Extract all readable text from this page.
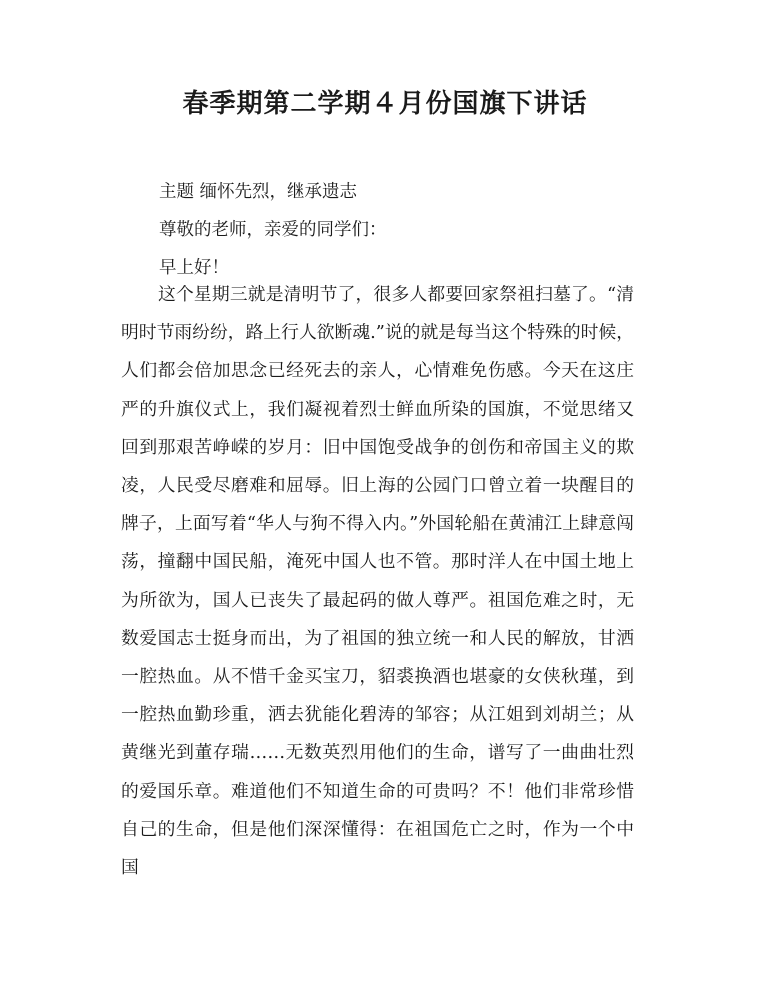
春季期第二学期４月份国旗下讲话
主题 缅怀先烈，继承遗志
尊敬的老师，亲爱的同学们：
早上好！

这个星期三就是清明节了，很多人都要回家祭祖扫墓了。“清明时节雨纷纷，路上行人欲断魂.”说的就是每当这个特殊的时候，人们都会倍加思念已经死去的亲人，心情难免伤感。今天在这庄严的升旗仪式上，我们凝视着烈士鲜血所染的国旗，不觉思绪又回到那艰苦峥嵘的岁月：旧中国饱受战争的创伤和帝国主义的欺凌，人民受尽磨难和屈辱。旧上海的公园门口曾立着一块醒目的牌子，上面写着“华人与狗不得入内。”外国轮船在黄浦江上肆意闯荡，撞翻中国民船，淹死中国人也不管。那时洋人在中国土地上为所欲为，国人已丧失了最起码的做人尊严。祖国危难之时，无数爱国志士挺身而出，为了祖国的独立统一和人民的解放，甘洒一腔热血。从不惜千金买宝刀，貂裘换酒也堪豪的女侠秋瑾，到一腔热血勤珍重，洒去犹能化碧涛的邹容；从江姐到刘胡兰；从黄继光到董存瑞……无数英烈用他们的生命，谱写了一曲曲壮烈的爱国乐章。难道他们不知道生命的可贵吗？不！他们非常珍惜自己的生命，但是他们深深懂得：在祖国危亡之时，作为一个中国
